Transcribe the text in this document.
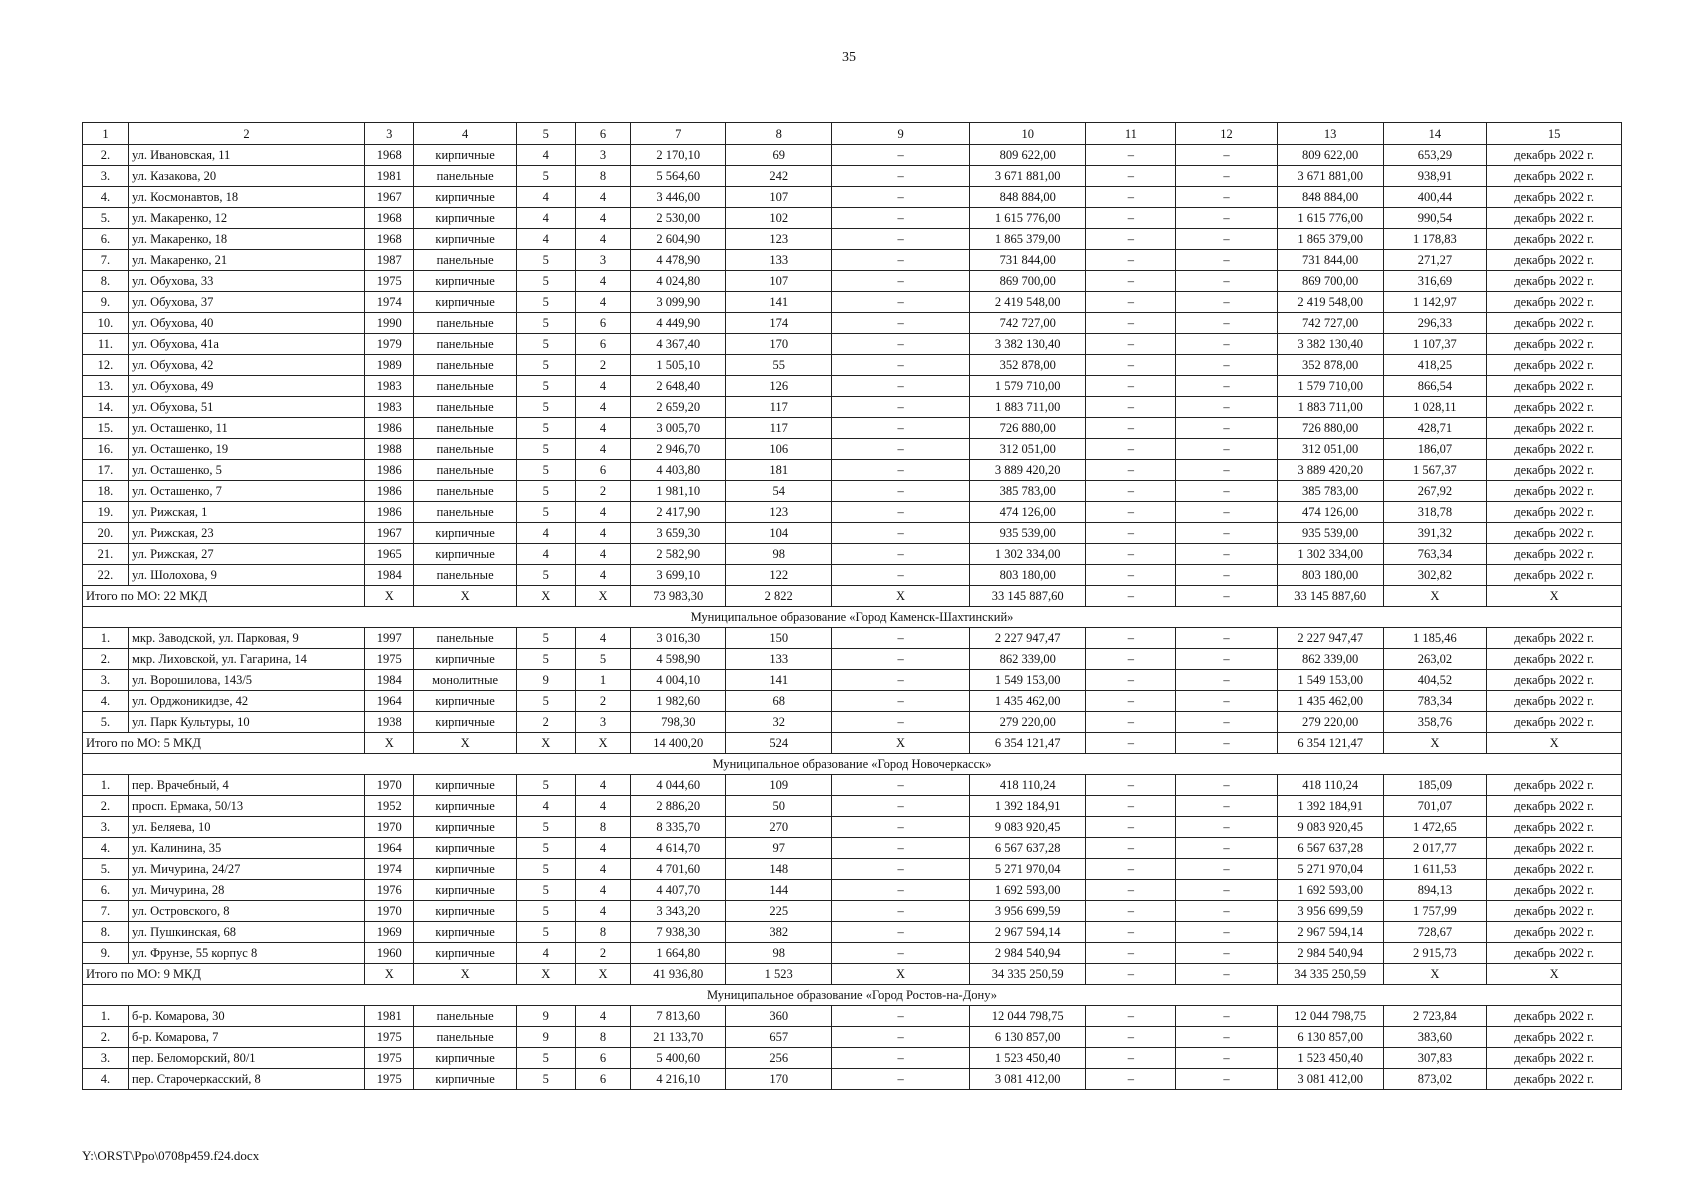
35
1	2	3	4	5	6	7	8	9	10	11	12	13	14	15
2.	ул. Ивановская, 11	1968	кирпичные	4	3	2 170,10	69	–	809 622,00	–	–	809 622,00	653,29	декабрь 2022 г.
3.	ул. Казакова, 20	1981	панельные	5	8	5 564,60	242	–	3 671 881,00	–	–	3 671 881,00	938,91	декабрь 2022 г.
4.	ул. Космонавтов, 18	1967	кирпичные	4	4	3 446,00	107	–	848 884,00	–	–	848 884,00	400,44	декабрь 2022 г.
5.	ул. Макаренко, 12	1968	кирпичные	4	4	2 530,00	102	–	1 615 776,00	–	–	1 615 776,00	990,54	декабрь 2022 г.
6.	ул. Макаренко, 18	1968	кирпичные	4	4	2 604,90	123	–	1 865 379,00	–	–	1 865 379,00	1 178,83	декабрь 2022 г.
7.	ул. Макаренко, 21	1987	панельные	5	3	4 478,90	133	–	731 844,00	–	–	731 844,00	271,27	декабрь 2022 г.
8.	ул. Обухова, 33	1975	кирпичные	5	4	4 024,80	107	–	869 700,00	–	–	869 700,00	316,69	декабрь 2022 г.
9.	ул. Обухова, 37	1974	кирпичные	5	4	3 099,90	141	–	2 419 548,00	–	–	2 419 548,00	1 142,97	декабрь 2022 г.
10.	ул. Обухова, 40	1990	панельные	5	6	4 449,90	174	–	742 727,00	–	–	742 727,00	296,33	декабрь 2022 г.
11.	ул. Обухова, 41а	1979	панельные	5	6	4 367,40	170	–	3 382 130,40	–	–	3 382 130,40	1 107,37	декабрь 2022 г.
12.	ул. Обухова, 42	1989	панельные	5	2	1 505,10	55	–	352 878,00	–	–	352 878,00	418,25	декабрь 2022 г.
13.	ул. Обухова, 49	1983	панельные	5	4	2 648,40	126	–	1 579 710,00	–	–	1 579 710,00	866,54	декабрь 2022 г.
14.	ул. Обухова, 51	1983	панельные	5	4	2 659,20	117	–	1 883 711,00	–	–	1 883 711,00	1 028,11	декабрь 2022 г.
15.	ул. Осташенко, 11	1986	панельные	5	4	3 005,70	117	–	726 880,00	–	–	726 880,00	428,71	декабрь 2022 г.
16.	ул. Осташенко, 19	1988	панельные	5	4	2 946,70	106	–	312 051,00	–	–	312 051,00	186,07	декабрь 2022 г.
17.	ул. Осташенко, 5	1986	панельные	5	6	4 403,80	181	–	3 889 420,20	–	–	3 889 420,20	1 567,37	декабрь 2022 г.
18.	ул. Осташенко, 7	1986	панельные	5	2	1 981,10	54	–	385 783,00	–	–	385 783,00	267,92	декабрь 2022 г.
19.	ул. Рижская, 1	1986	панельные	5	4	2 417,90	123	–	474 126,00	–	–	474 126,00	318,78	декабрь 2022 г.
20.	ул. Рижская, 23	1967	кирпичные	4	4	3 659,30	104	–	935 539,00	–	–	935 539,00	391,32	декабрь 2022 г.
21.	ул. Рижская, 27	1965	кирпичные	4	4	2 582,90	98	–	1 302 334,00	–	–	1 302 334,00	763,34	декабрь 2022 г.
22.	ул. Шолохова, 9	1984	панельные	5	4	3 699,10	122	–	803 180,00	–	–	803 180,00	302,82	декабрь 2022 г.
Итого по МО: 22 МКД		Х	Х	Х	Х	73 983,30	2 822	Х	33 145 887,60	–	–	33 145 887,60	Х	Х
Муниципальное образование «Город Каменск-Шахтинский»														
1.	мкр. Заводской, ул. Парковая, 9	1997	панельные	5	4	3 016,30	150	–	2 227 947,47	–	–	2 227 947,47	1 185,46	декабрь 2022 г.
2.	мкр. Лиховской, ул. Гагарина, 14	1975	кирпичные	5	5	4 598,90	133	–	862 339,00	–	–	862 339,00	263,02	декабрь 2022 г.
3.	ул. Ворошилова, 143/5	1984	монолитные	9	1	4 004,10	141	–	1 549 153,00	–	–	1 549 153,00	404,52	декабрь 2022 г.
4.	ул. Орджоникидзе, 42	1964	кирпичные	5	2	1 982,60	68	–	1 435 462,00	–	–	1 435 462,00	783,34	декабрь 2022 г.
5.	ул. Парк Культуры, 10	1938	кирпичные	2	3	798,30	32	–	279 220,00	–	–	279 220,00	358,76	декабрь 2022 г.
Итого по МО: 5 МКД		Х	Х	Х	Х	14 400,20	524	Х	6 354 121,47	–	–	6 354 121,47	Х	Х
Муниципальное образование «Город Новочеркасск»														
1.	пер. Врачебный, 4	1970	кирпичные	5	4	4 044,60	109	–	418 110,24	–	–	418 110,24	185,09	декабрь 2022 г.
2.	просп. Ермака, 50/13	1952	кирпичные	4	4	2 886,20	50	–	1 392 184,91	–	–	1 392 184,91	701,07	декабрь 2022 г.
3.	ул. Беляева, 10	1970	кирпичные	5	8	8 335,70	270	–	9 083 920,45	–	–	9 083 920,45	1 472,65	декабрь 2022 г.
4.	ул. Калинина, 35	1964	кирпичные	5	4	4 614,70	97	–	6 567 637,28	–	–	6 567 637,28	2 017,77	декабрь 2022 г.
5.	ул. Мичурина, 24/27	1974	кирпичные	5	4	4 701,60	148	–	5 271 970,04	–	–	5 271 970,04	1 611,53	декабрь 2022 г.
6.	ул. Мичурина, 28	1976	кирпичные	5	4	4 407,70	144	–	1 692 593,00	–	–	1 692 593,00	894,13	декабрь 2022 г.
7.	ул. Островского, 8	1970	кирпичные	5	4	3 343,20	225	–	3 956 699,59	–	–	3 956 699,59	1 757,99	декабрь 2022 г.
8.	ул. Пушкинская, 68	1969	кирпичные	5	8	7 938,30	382	–	2 967 594,14	–	–	2 967 594,14	728,67	декабрь 2022 г.
9.	ул. Фрунзе, 55 корпус 8	1960	кирпичные	4	2	1 664,80	98	–	2 984 540,94	–	–	2 984 540,94	2 915,73	декабрь 2022 г.
Итого по МО: 9 МКД		Х	Х	Х	Х	41 936,80	1 523	Х	34 335 250,59	–	–	34 335 250,59	Х	Х
Муниципальное образование «Город Ростов-на-Дону»														
1.	б-р. Комарова, 30	1981	панельные	9	4	7 813,60	360	–	12 044 798,75	–	–	12 044 798,75	2 723,84	декабрь 2022 г.
2.	б-р. Комарова, 7	1975	панельные	9	8	21 133,70	657	–	6 130 857,00	–	–	6 130 857,00	383,60	декабрь 2022 г.
3.	пер. Беломорский, 80/1	1975	кирпичные	5	6	5 400,60	256	–	1 523 450,40	–	–	1 523 450,40	307,83	декабрь 2022 г.
4.	пер. Старочеркасский, 8	1975	кирпичные	5	6	4 216,10	170	–	3 081 412,00	–	–	3 081 412,00	873,02	декабрь 2022 г.
Y:\ORST\Ppo\0708p459.f24.docx
